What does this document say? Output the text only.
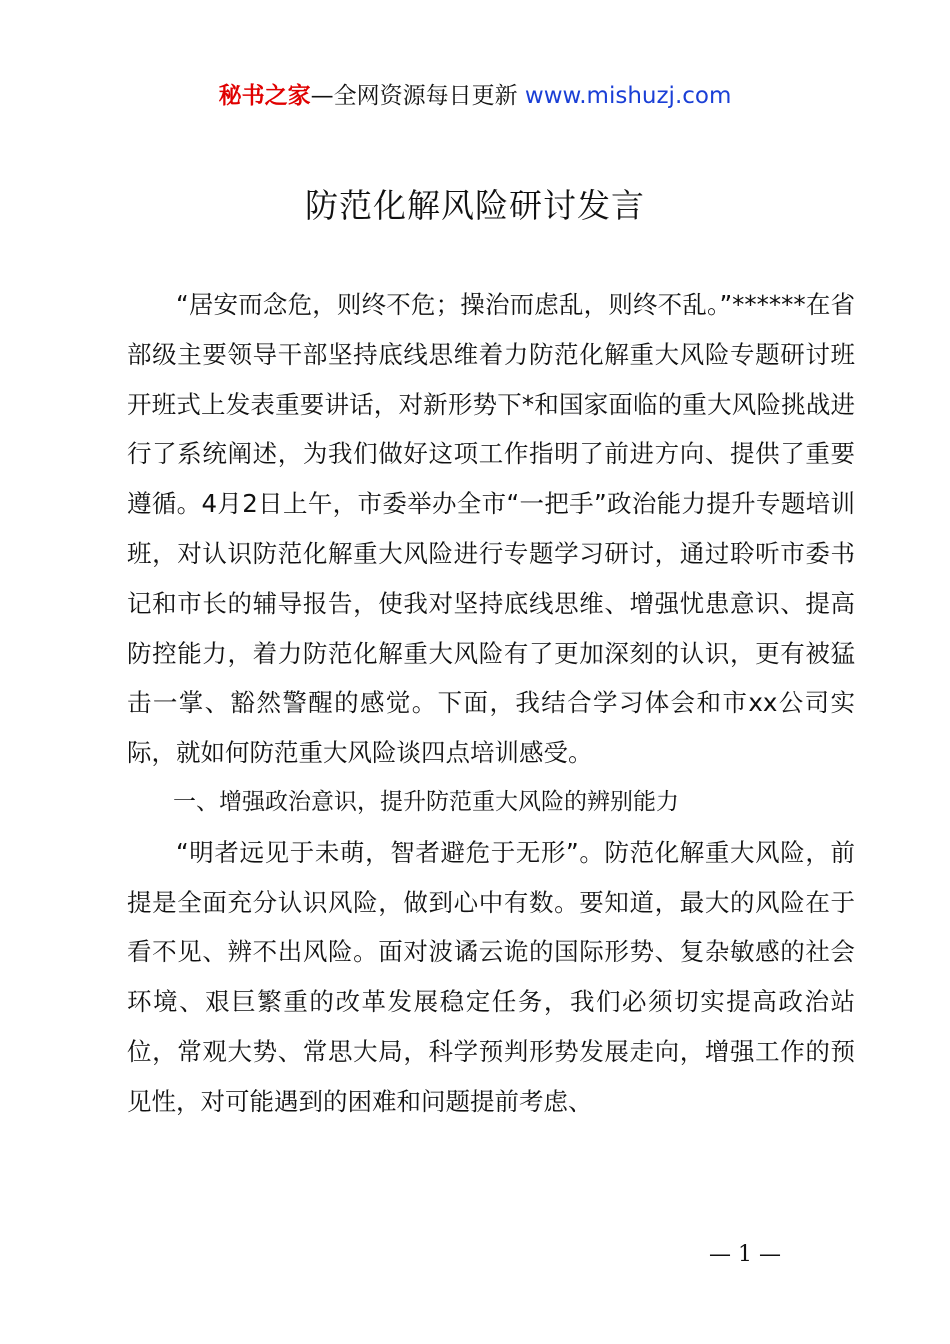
秘书之家—全网资源每日更新 www.mishuzj.com
防范化解风险研讨发言

“居安而念危，则终不危；操治而虑乱，则终不乱。”******在省部级主要领导干部坚持底线思维着力防范化解重大风险专题研讨班开班式上发表重要讲话，对新形势下*和国家面临的重大风险挑战进行了系统阐述，为我们做好这项工作指明了前进方向、提供了重要遵循。4月2日上午，市委举办全市“一把手”政治能力提升专题培训班，对认识防范化解重大风险进行专题学习研讨，通过聆听市委书记和市长的辅导报告，使我对坚持底线思维、增强忧患意识、提高防控能力，着力防范化解重大风险有了更加深刻的认识，更有被猛击一掌、豁然警醒的感觉。下面，我结合学习体会和市xx公司实际，就如何防范重大风险谈四点培训感受。

一、增强政治意识，提升防范重大风险的辨别能力

“明者远见于未萌，智者避危于无形”。防范化解重大风险，前提是全面充分认识风险，做到心中有数。要知道，最大的风险在于看不见、辨不出风险。面对波谲云诡的国际形势、复杂敏感的社会环境、艰巨繁重的改革发展稳定任务，我们必须切实提高政治站位，常观大势、常思大局，科学预判形势发展走向，增强工作的预见性，对可能遇到的困难和问题提前考虑、

— 1 —
